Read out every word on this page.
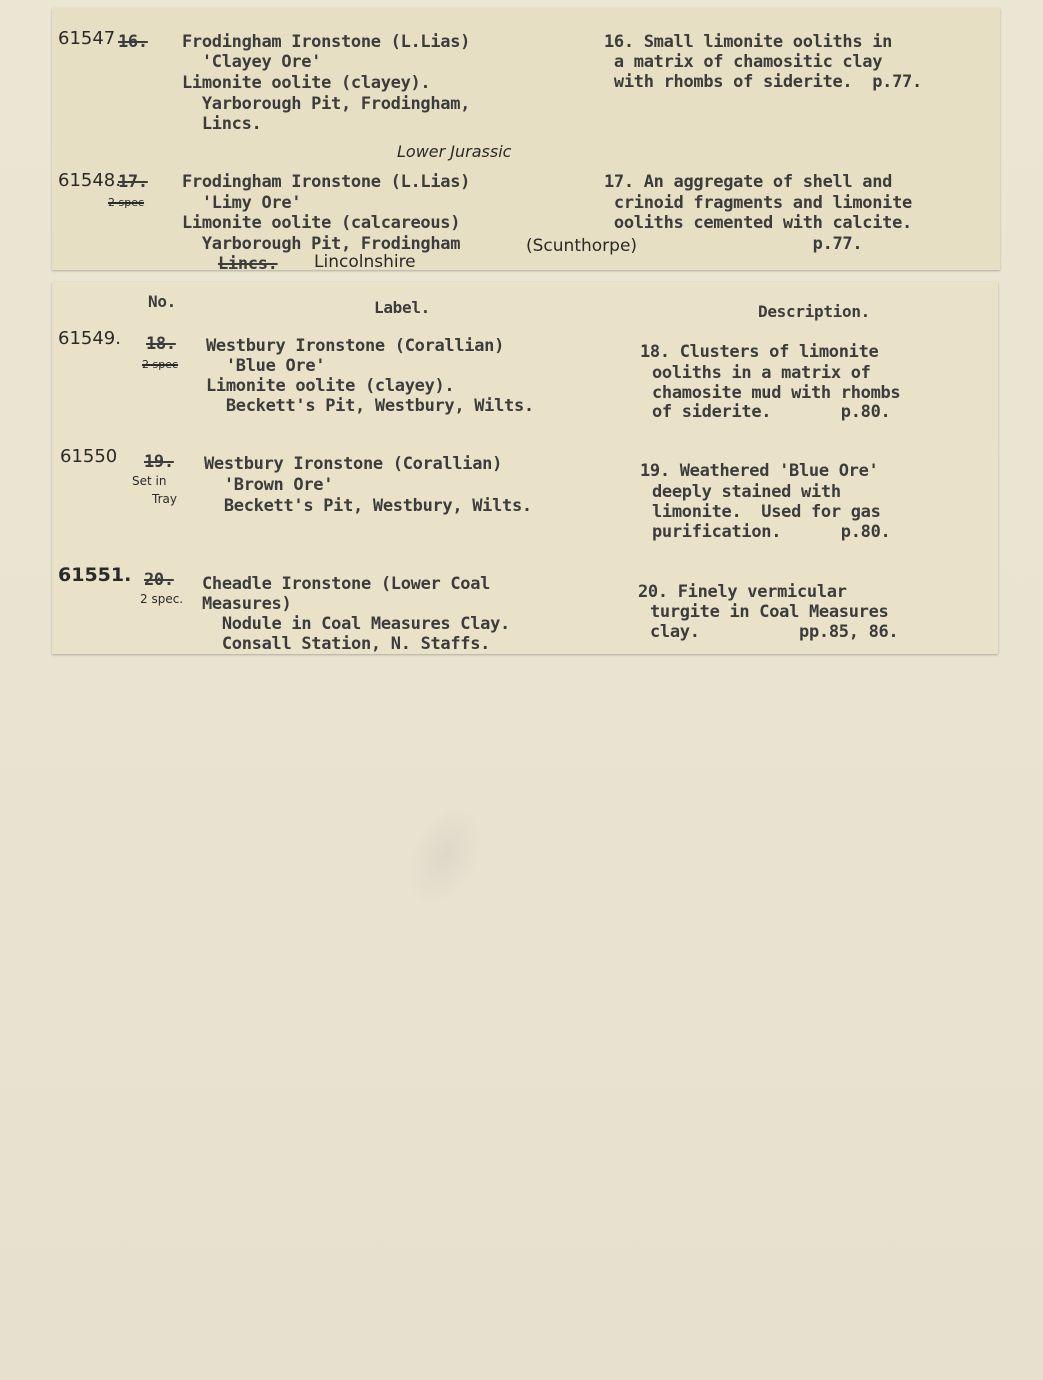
61547 16. Frodingham Ironstone (L.Lias)
'Clayey Ore'
Limonite oolite (clayey).
Yarborough Pit, Frodingham,
Lincs.
16. Small limonite ooliths in
a matrix of chamositic clay
with rhombs of siderite.  p.77.
Lower Jurassic
61548.
17.
2 spec
Frodingham Ironstone (L.Lias)
'Limy Ore'
Limonite oolite (calcareous)
Yarborough Pit, Frodingham	(Scunthorpe)
Lincs. Lincolnshire
17. An aggregate of shell and
crinoid fragments and limonite
ooliths cemented with calcite.
p.77.
No.	Label.	Description.
61549. 18.
2 spec
Westbury Ironstone (Corallian)
'Blue Ore'
Limonite oolite (clayey).
Beckett's Pit, Westbury, Wilts.
18. Clusters of limonite
ooliths in a matrix of
chamosite mud with rhombs
of siderite.       p.80.
61550 19.
Set in
Tray
Westbury Ironstone (Corallian)
'Brown Ore'
Beckett's Pit, Westbury, Wilts.
19. Weathered 'Blue Ore'
deeply stained with
limonite.  Used for gas
purification.      p.80.
61551. 20.
2 spec.
Cheadle Ironstone (Lower Coal
Measures)
Nodule in Coal Measures Clay.
Consall Station, N. Staffs.
20. Finely vermicular
turgite in Coal Measures
clay.          pp.85, 86.
